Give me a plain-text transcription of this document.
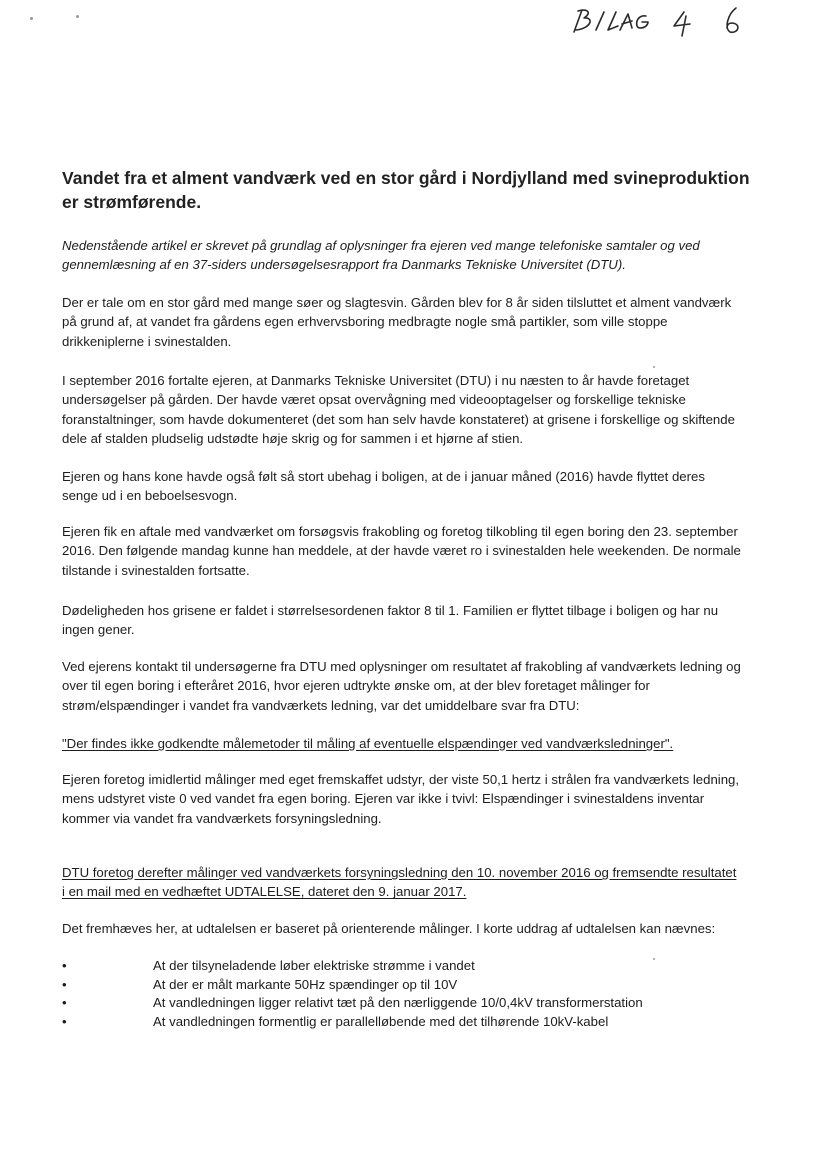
Vandet fra et alment vandværk ved en stor gård i Nordjylland med svineproduktion er strømførende.

Nedenstående artikel er skrevet på grundlag af oplysninger fra ejeren ved mange telefoniske samtaler og ved gennemlæsning af en 37-siders undersøgelsesrapport fra Danmarks Tekniske Universitet (DTU).

Der er tale om en stor gård med mange søer og slagtesvin. Gården blev for 8 år siden tilsluttet et alment vandværk på grund af, at vandet fra gårdens egen erhvervsboring medbragte nogle små partikler, som ville stoppe drikkeniplerne i svinestalden.

I september 2016 fortalte ejeren, at Danmarks Tekniske Universitet (DTU) i nu næsten to år havde foretaget undersøgelser på gården. Der havde været opsat overvågning med videooptagelser og forskellige tekniske foranstaltninger, som havde dokumenteret (det som han selv havde konstateret) at grisene i forskellige og skiftende dele af stalden pludselig udstødte høje skrig og for sammen i et hjørne af stien.

Ejeren og hans kone havde også følt så stort ubehag i boligen, at de i januar måned (2016) havde flyttet deres senge ud i en beboelsesvogn.

Ejeren fik en aftale med vandværket om forsøgsvis frakobling og foretog tilkobling til egen boring den 23. september 2016. Den følgende mandag kunne han meddele, at der havde været ro i svinestalden hele weekenden. De normale tilstande i svinestalden fortsatte.

Dødeligheden hos grisene er faldet i størrelsesordenen faktor 8 til 1. Familien er flyttet tilbage i boligen og har nu ingen gener.

Ved ejerens kontakt til undersøgerne fra DTU med oplysninger om resultatet af frakobling af vandværkets ledning og over til egen boring i efteråret 2016, hvor ejeren udtrykte ønske om, at der blev foretaget målinger for strøm/elspændinger i vandet fra vandværkets ledning, var det umiddelbare svar fra DTU:

"Der findes ikke godkendte målemetoder til måling af eventuelle elspændinger ved vandværksledninger".

Ejeren foretog imidlertid målinger med eget fremskaffet udstyr, der viste 50,1 hertz i strålen fra vandværkets ledning, mens udstyret viste 0 ved vandet fra egen boring. Ejeren var ikke i tvivl: Elspændinger i svinestaldens inventar kommer via vandet fra vandværkets forsyningsledning.

DTU foretog derefter målinger ved vandværkets forsyningsledning den 10. november 2016 og fremsendte resultatet i en mail med en vedhæftet UDTALELSE, dateret den 9. januar 2017.

Det fremhæves her, at udtalelsen er baseret på orienterende målinger. I korte uddrag af udtalelsen kan nævnes:

•	At der tilsyneladende løber elektriske strømme i vandet
•	At der er målt markante 50Hz spændinger op til 10V
•	At vandledningen ligger relativt tæt på den nærliggende 10/0,4kV transformerstation
•	At vandledningen formentlig er parallelløbende med det tilhørende 10kV-kabel
